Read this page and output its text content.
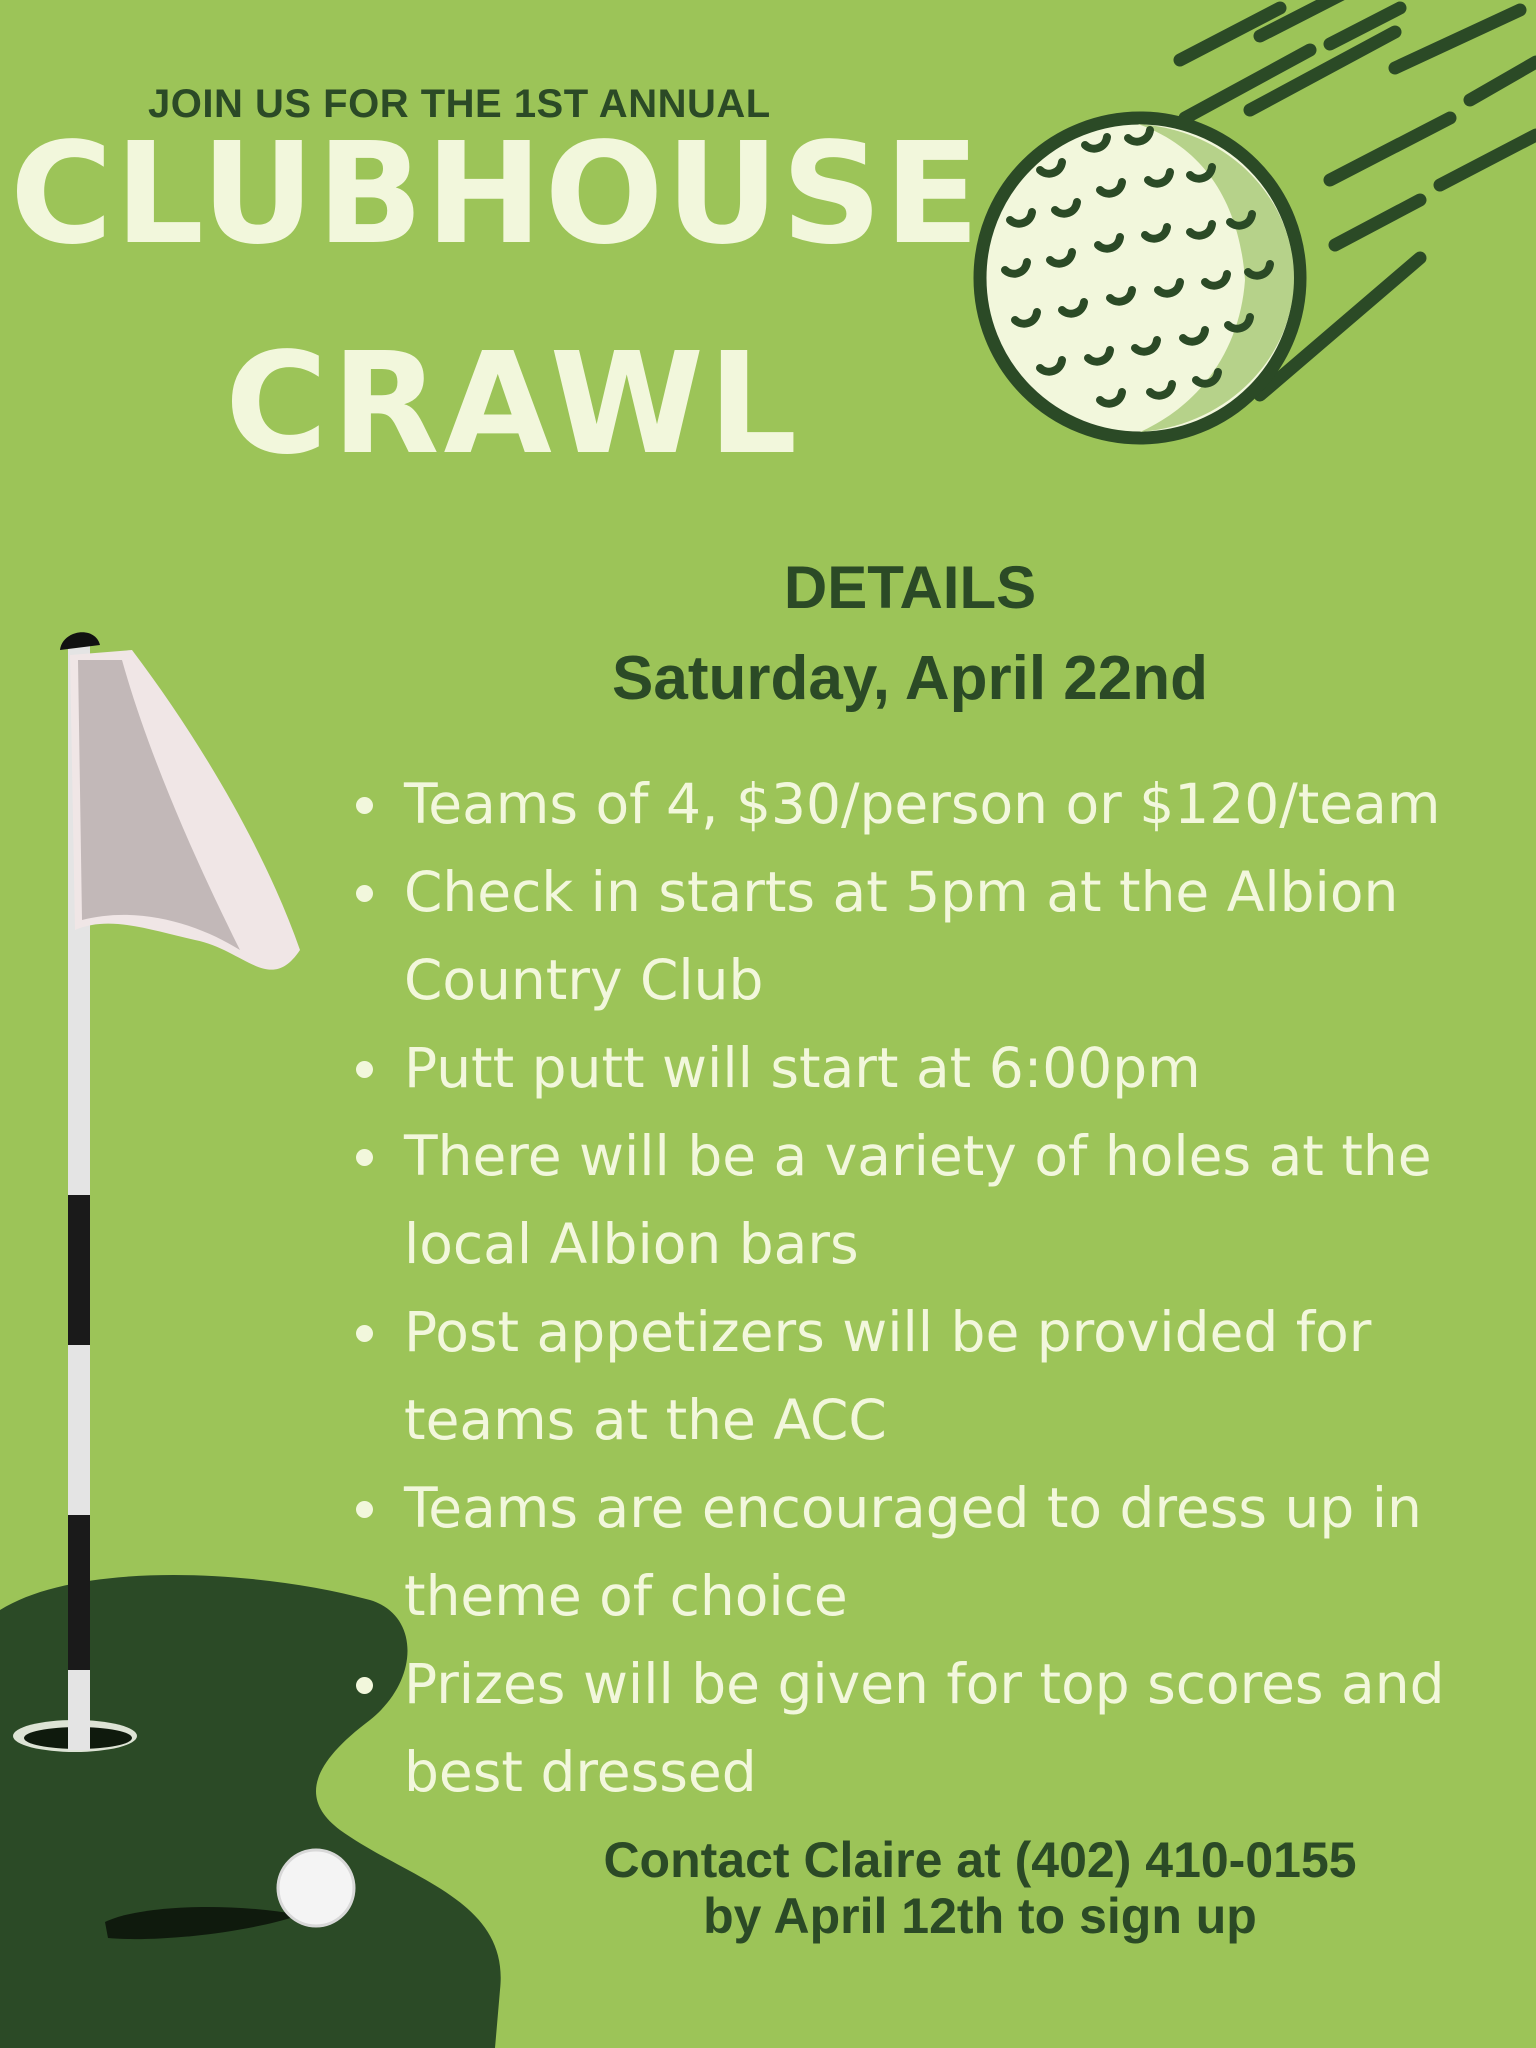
JOIN US FOR THE 1ST ANNUAL

CLUBHOUSE
CRAWL
DETAILS
Saturday, April 22nd
Teams of 4, $30/person or $120/team
Check in starts at 5pm at the Albion Country Club
Putt putt will start at 6:00pm
There will be a variety of holes at the local Albion bars
Post appetizers will be provided for teams at the ACC
Teams are encouraged to dress up in theme of choice
Prizes will be given for top scores and best dressed
Contact Claire at (402) 410-0155
by April 12th to sign up
